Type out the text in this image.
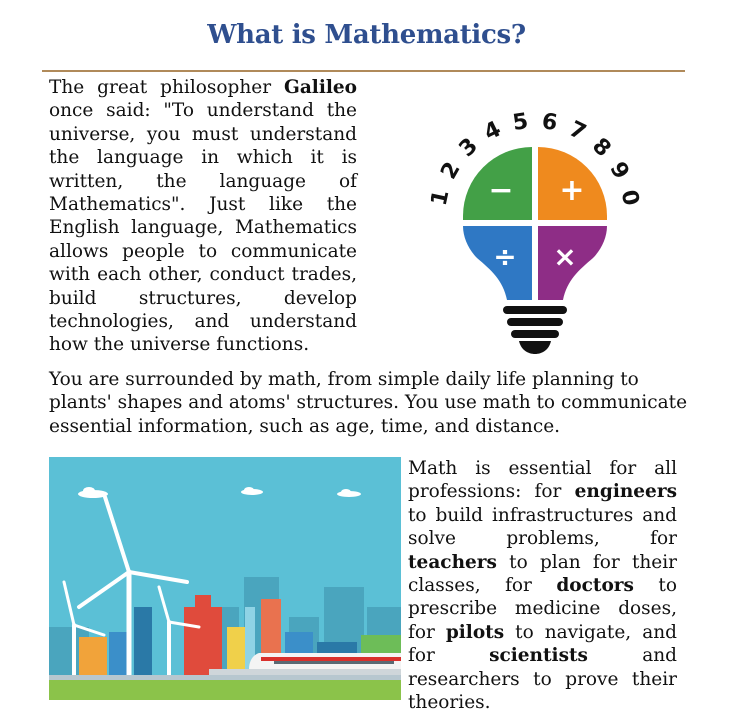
What is Mathematics?
The great philosopher Galileo once said: "To understand the universe, you must understand the language in which it is written, the language of Mathematics". Just like the English language, Mathematics allows people to communicate with each other, conduct trades, build structures, develop technologies, and understand how the universe functions.
1
2
3
4 5 6 7
8
9
0
− +
÷ ×
You are surrounded by math, from simple daily life planning to plants' shapes and atoms' structures. You use math to communicate essential information, such as age, time, and distance.
Math is essential for all professions: for engineers to build infrastructures and solve problems, for teachers to plan for their classes, for doctors to prescribe medicine doses, for pilots to navigate, and for scientists and researchers to prove their theories.
